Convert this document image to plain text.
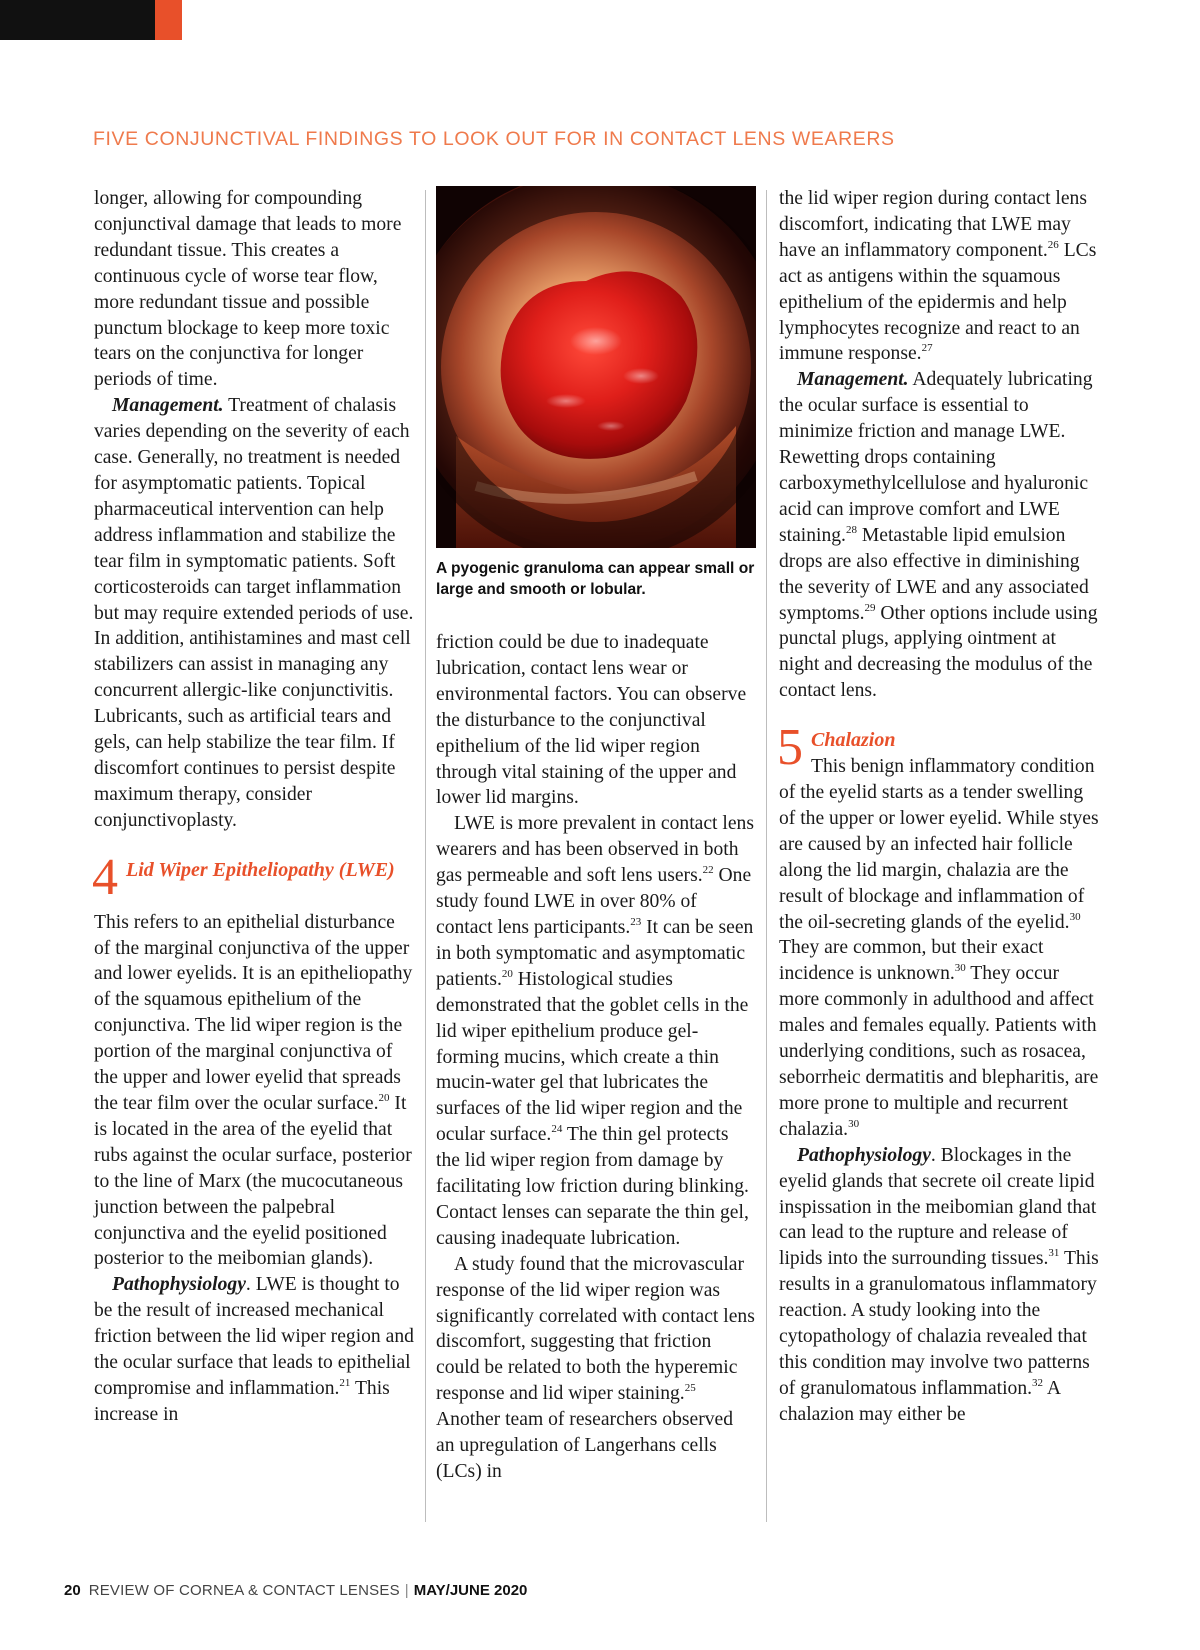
FIVE CONJUNCTIVAL FINDINGS TO LOOK OUT FOR IN CONTACT LENS WEARERS

longer, allowing for compounding conjunctival damage that leads to more redundant tissue. This creates a continuous cycle of worse tear flow, more redundant tissue and possible punctum blockage to keep more toxic tears on the conjunctiva for longer periods of time.

Management. Treatment of chalasis varies depending on the severity of each case. Generally, no treatment is needed for asymptomatic patients. Topical pharmaceutical intervention can help address inflammation and stabilize the tear film in symptomatic patients. Soft corticosteroids can target inflammation but may require extended periods of use. In addition, antihistamines and mast cell stabilizers can assist in managing any concurrent allergic-like conjunctivitis. Lubricants, such as artificial tears and gels, can help stabilize the tear film. If discomfort continues to persist despite maximum therapy, consider conjunctivoplasty.

4 Lid Wiper Epitheliopathy (LWE)

This refers to an epithelial disturbance of the marginal conjunctiva of the upper and lower eyelids. It is an epitheliopathy of the squamous epithelium of the conjunctiva. The lid wiper region is the portion of the marginal conjunctiva of the upper and lower eyelid that spreads the tear film over the ocular surface.$^{20}$ It is located in the area of the eyelid that rubs against the ocular surface, posterior to the line of Marx (the mucocutaneous junction between the palpebral conjunctiva and the eyelid positioned posterior to the meibomian glands).

Pathophysiology. LWE is thought to be the result of increased mechanical friction between the lid wiper region and the ocular surface that leads to epithelial compromise and inflammation.$^{21}$ This increase in

A pyogenic granuloma can appear small or large and smooth or lobular.

friction could be due to inadequate lubrication, contact lens wear or environmental factors. You can observe the disturbance to the conjunctival epithelium of the lid wiper region through vital staining of the upper and lower lid margins.

LWE is more prevalent in contact lens wearers and has been observed in both gas permeable and soft lens users.$^{22}$ One study found LWE in over 80% of contact lens participants.$^{23}$ It can be seen in both symptomatic and asymptomatic patients.$^{20}$ Histological studies demonstrated that the goblet cells in the lid wiper epithelium produce gel-forming mucins, which create a thin mucin-water gel that lubricates the surfaces of the lid wiper region and the ocular surface.$^{24}$ The thin gel protects the lid wiper region from damage by facilitating low friction during blinking. Contact lenses can separate the thin gel, causing inadequate lubrication.

A study found that the microvascular response of the lid wiper region was significantly correlated with contact lens discomfort, suggesting that friction could be related to both the hyperemic response and lid wiper staining.$^{25}$ Another team of researchers observed an upregulation of Langerhans cells (LCs) in

the lid wiper region during contact lens discomfort, indicating that LWE may have an inflammatory component.$^{26}$ LCs act as antigens within the squamous epithelium of the epidermis and help lymphocytes recognize and react to an immune response.$^{27}$

Management. Adequately lubricating the ocular surface is essential to minimize friction and manage LWE. Rewetting drops containing carboxymethylcellulose and hyaluronic acid can improve comfort and LWE staining.$^{28}$ Metastable lipid emulsion drops are also effective in diminishing the severity of LWE and any associated symptoms.$^{29}$ Other options include using punctal plugs, applying ointment at night and decreasing the modulus of the contact lens.

5 Chalazion

This benign inflammatory condition of the eyelid starts as a tender swelling of the upper or lower eyelid. While styes are caused by an infected hair follicle along the lid margin, chalazia are the result of blockage and inflammation of the oil-secreting glands of the eyelid.$^{30}$ They are common, but their exact incidence is unknown.$^{30}$ They occur more commonly in adulthood and affect males and females equally. Patients with underlying conditions, such as rosacea, seborrheic dermatitis and blepharitis, are more prone to multiple and recurrent chalazia.$^{30}$

Pathophysiology. Blockages in the eyelid glands that secrete oil create lipid inspissation in the meibomian gland that can lead to the rupture and release of lipids into the surrounding tissues.$^{31}$ This results in a granulomatous inflammatory reaction. A study looking into the cytopathology of chalazia revealed that this condition may involve two patterns of granulomatous inflammation.$^{32}$ A chalazion may either be

20 REVIEW OF CORNEA & CONTACT LENSES | MAY/JUNE 2020
